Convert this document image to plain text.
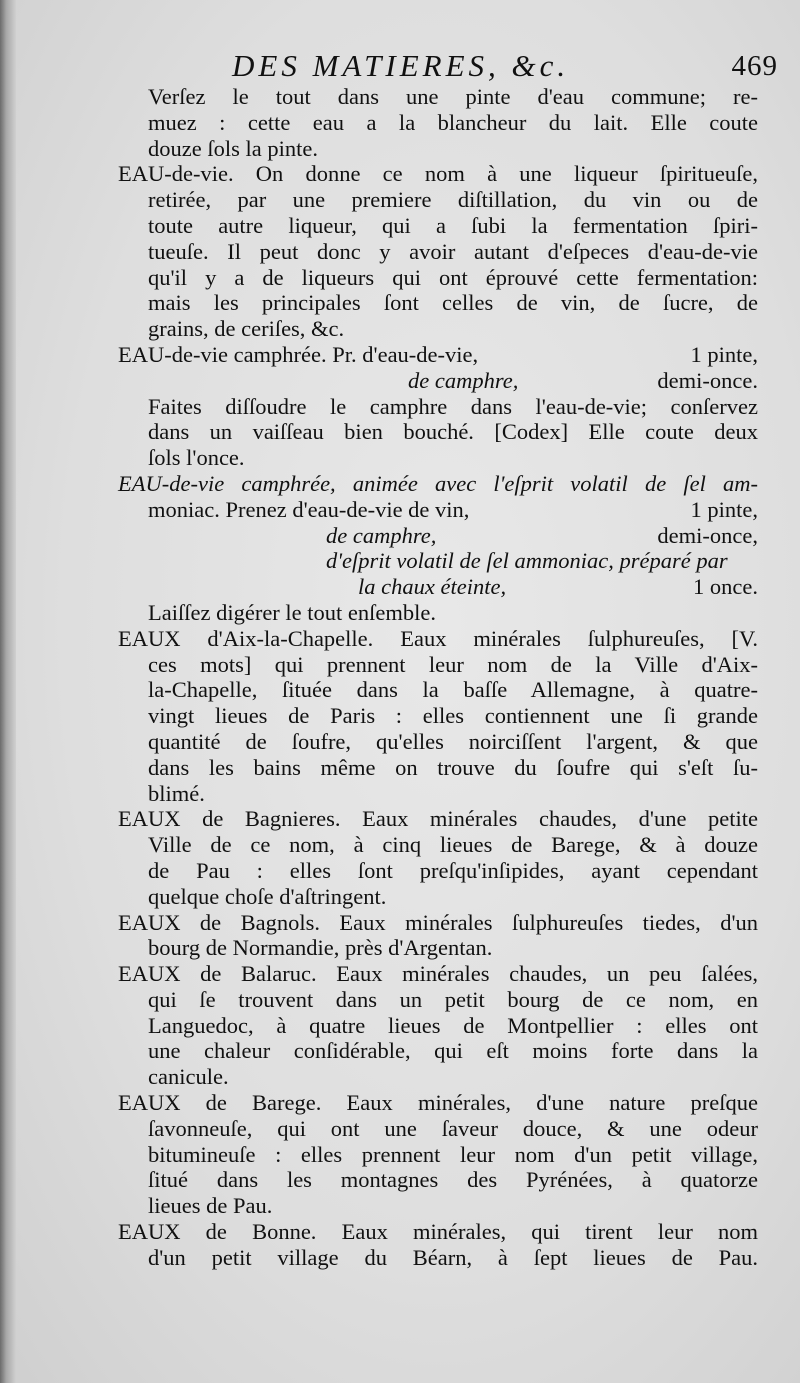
DES MATIERES, &c.	469
Verſez le tout dans une pinte d'eau commune; re-
muez : cette eau a la blancheur du lait. Elle coute
douze ſols la pinte.
EAU-de-vie. On donne ce nom à une liqueur ſpiritueuſe,
retirée, par une premiere diſtillation, du vin ou de
toute autre liqueur, qui a ſubi la fermentation ſpiri-
tueuſe. Il peut donc y avoir autant d'eſpeces d'eau-de-vie
qu'il y a de liqueurs qui ont éprouvé cette fermentation:
mais les principales ſont celles de vin, de ſucre, de
grains, de ceriſes, &c.
EAU-de-vie camphrée. Pr. d'eau-de-vie,	1 pinte,
de camphre,	demi-once.
Faites diſſoudre le camphre dans l'eau-de-vie; conſervez
dans un vaiſſeau bien bouché. [Codex] Elle coute deux
ſols l'once.
EAU-de-vie camphrée, animée avec l'eſprit volatil de ſel am-
moniac. Prenez d'eau-de-vie de vin,	1 pinte,
de camphre,	demi-once,
d'eſprit volatil de ſel ammoniac, préparé par
la chaux éteinte,	1 once.
Laiſſez digérer le tout enſemble.
EAUX d'Aix-la-Chapelle. Eaux minérales ſulphureuſes, [V.
ces mots] qui prennent leur nom de la Ville d'Aix-
la-Chapelle, ſituée dans la baſſe Allemagne, à quatre-
vingt lieues de Paris : elles contiennent une ſi grande
quantité de ſoufre, qu'elles noirciſſent l'argent, & que
dans les bains même on trouve du ſoufre qui s'eſt ſu-
blimé.
EAUX de Bagnieres. Eaux minérales chaudes, d'une petite
Ville de ce nom, à cinq lieues de Barege, & à douze
de Pau : elles ſont preſqu'inſipides, ayant cependant
quelque choſe d'aſtringent.
EAUX de Bagnols. Eaux minérales ſulphureuſes tiedes, d'un
bourg de Normandie, près d'Argentan.
EAUX de Balaruc. Eaux minérales chaudes, un peu ſalées,
qui ſe trouvent dans un petit bourg de ce nom, en
Languedoc, à quatre lieues de Montpellier : elles ont
une chaleur conſidérable, qui eſt moins forte dans la
canicule.
EAUX de Barege. Eaux minérales, d'une nature preſque
ſavonneuſe, qui ont une ſaveur douce, & une odeur
bitumineuſe : elles prennent leur nom d'un petit village,
ſitué dans les montagnes des Pyrénées, à quatorze
lieues de Pau.
EAUX de Bonne. Eaux minérales, qui tirent leur nom
d'un petit village du Béarn, à ſept lieues de Pau.
